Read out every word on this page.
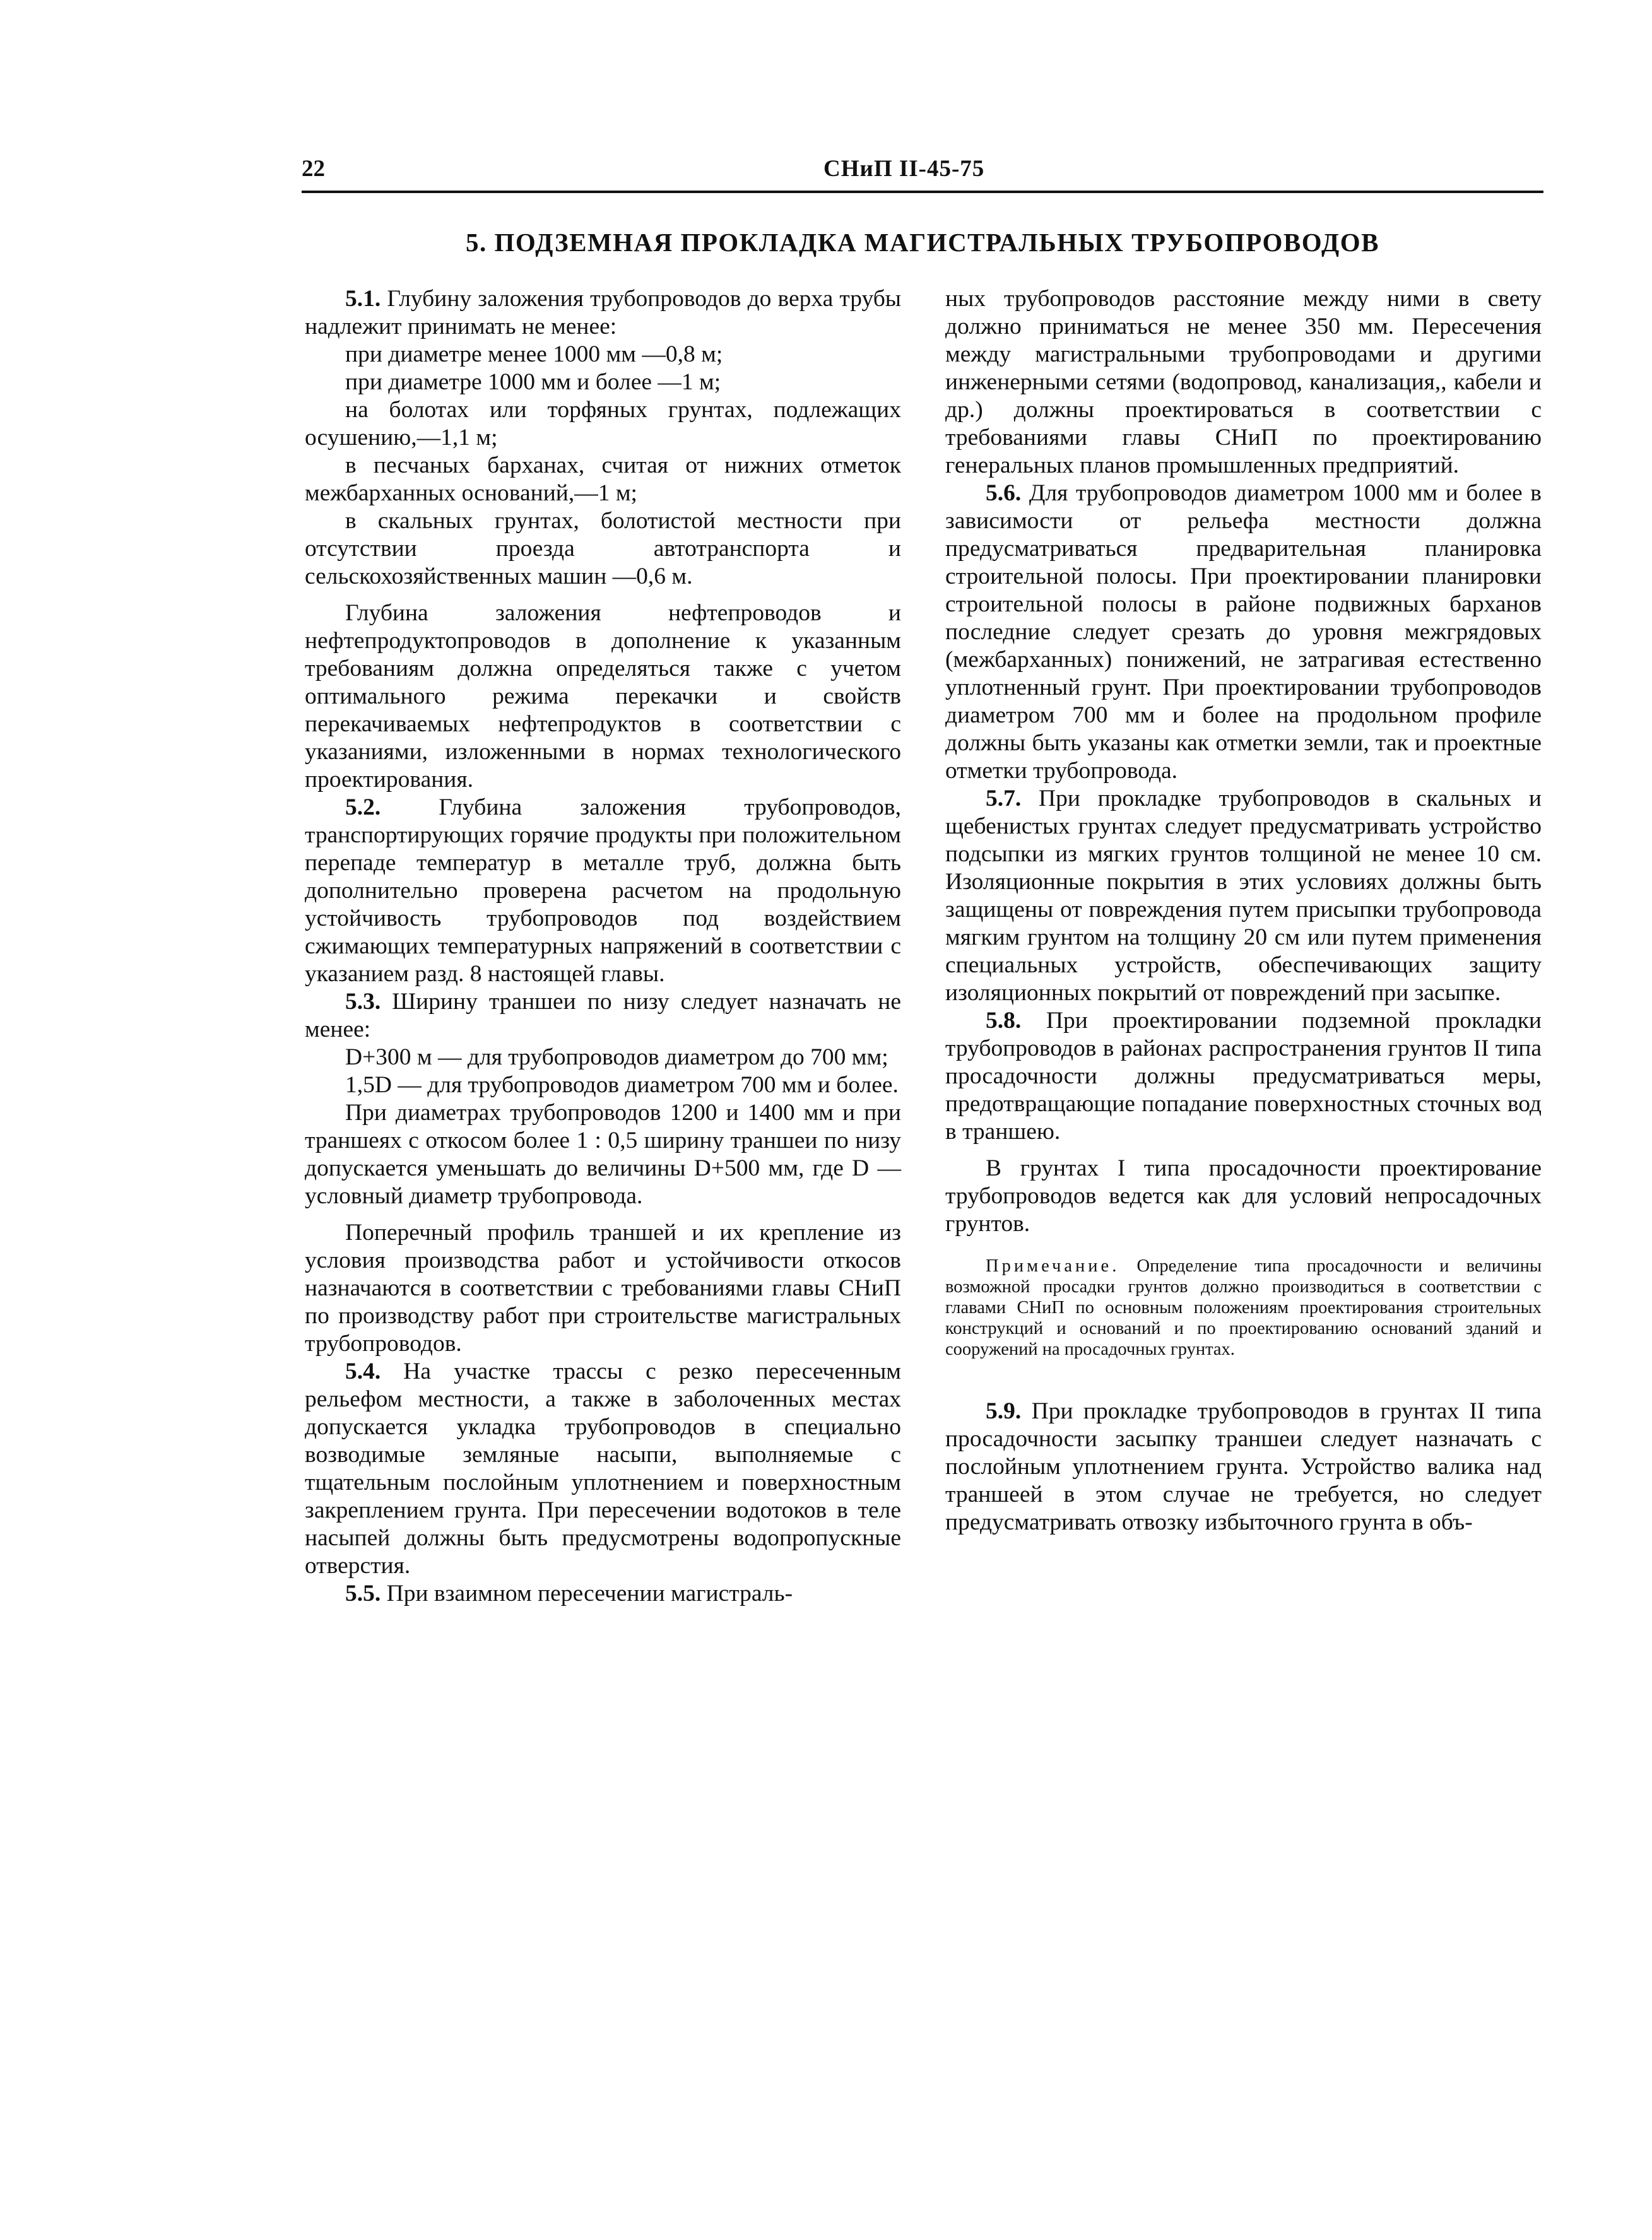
22	СНиП II-45-75
5. ПОДЗЕМНАЯ ПРОКЛАДКА МАГИСТРАЛЬНЫХ ТРУБОПРОВОДОВ

5.1. Глубину заложения трубопроводов до верха трубы надлежит принимать не менее:

при диаметре менее 1000 мм —0,8 м;

при диаметре 1000 мм и более —1 м;

на болотах или торфяных грунтах, подлежащих осушению,—1,1 м;

в песчаных барханах, считая от нижних отметок межбарханных оснований,—1 м;

в скальных грунтах, болотистой местности при отсутствии проезда автотранспорта и сельскохозяйственных машин —0,6 м.

Глубина заложения нефтепроводов и нефтепродуктопроводов в дополнение к указанным требованиям должна определяться также с учетом оптимального режима перекачки и свойств перекачиваемых нефтепродуктов в соответствии с указаниями, изложенными в нормах технологического проектирования.

5.2. Глубина заложения трубопроводов, транспортирующих горячие продукты при положительном перепаде температур в металле труб, должна быть дополнительно проверена расчетом на продольную устойчивость трубопроводов под воздействием сжимающих температурных напряжений в соответствии с указанием разд. 8 настоящей главы.

5.3. Ширину траншеи по низу следует назначать не менее:

D+300 м — для трубопроводов диаметром до 700 мм;

1,5D — для трубопроводов диаметром 700 мм и более.

При диаметрах трубопроводов 1200 и 1400 мм и при траншеях с откосом более 1 : 0,5 ширину траншеи по низу допускается уменьшать до величины D+500 мм, где D — условный диаметр трубопровода.

Поперечный профиль траншей и их крепление из условия производства работ и устойчивости откосов назначаются в соответствии с требованиями главы СНиП по производству работ при строительстве магистральных трубопроводов.

5.4. На участке трассы с резко пересеченным рельефом местности, а также в заболоченных местах допускается укладка трубопроводов в специально возводимые земляные насыпи, выполняемые с тщательным послойным уплотнением и поверхностным закреплением грунта. При пересечении водотоков в теле насыпей должны быть предусмотрены водопропускные отверстия.

5.5. При взаимном пересечении магистраль-

ных трубопроводов расстояние между ними в свету должно приниматься не менее 350 мм. Пересечения между магистральными трубопроводами и другими инженерными сетями (водопровод, канализация,, кабели и др.) должны проектироваться в соответствии с требованиями главы СНиП по проектированию генеральных планов промышленных предприятий.

5.6. Для трубопроводов диаметром 1000 мм и более в зависимости от рельефа местности должна предусматриваться предварительная планировка строительной полосы. При проектировании планировки строительной полосы в районе подвижных барханов последние следует срезать до уровня межгрядовых (межбарханных) понижений, не затрагивая естественно уплотненный грунт. При проектировании трубопроводов диаметром 700 мм и более на продольном профиле должны быть указаны как отметки земли, так и проектные отметки трубопровода.

5.7. При прокладке трубопроводов в скальных и щебенистых грунтах следует предусматривать устройство подсыпки из мягких грунтов толщиной не менее 10 см. Изоляционные покрытия в этих условиях должны быть защищены от повреждения путем присыпки трубопровода мягким грунтом на толщину 20 см или путем применения специальных устройств, обеспечивающих защиту изоляционных покрытий от повреждений при засыпке.

5.8. При проектировании подземной прокладки трубопроводов в районах распространения грунтов II типа просадочности должны предусматриваться меры, предотвращающие попадание поверхностных сточных вод в траншею.

В грунтах I типа просадочности проектирование трубопроводов ведется как для условий непросадочных грунтов.

Примечание. Определение типа просадочности и величины возможной просадки грунтов должно производиться в соответствии с главами СНиП по основным положениям проектирования строительных конструкций и оснований и по проектированию оснований зданий и сооружений на просадочных грунтах.

5.9. При прокладке трубопроводов в грунтах II типа просадочности засыпку траншеи следует назначать с послойным уплотнением грунта. Устройство валика над траншеей в этом случае не требуется, но следует предусматривать отвозку избыточного грунта в объ-
